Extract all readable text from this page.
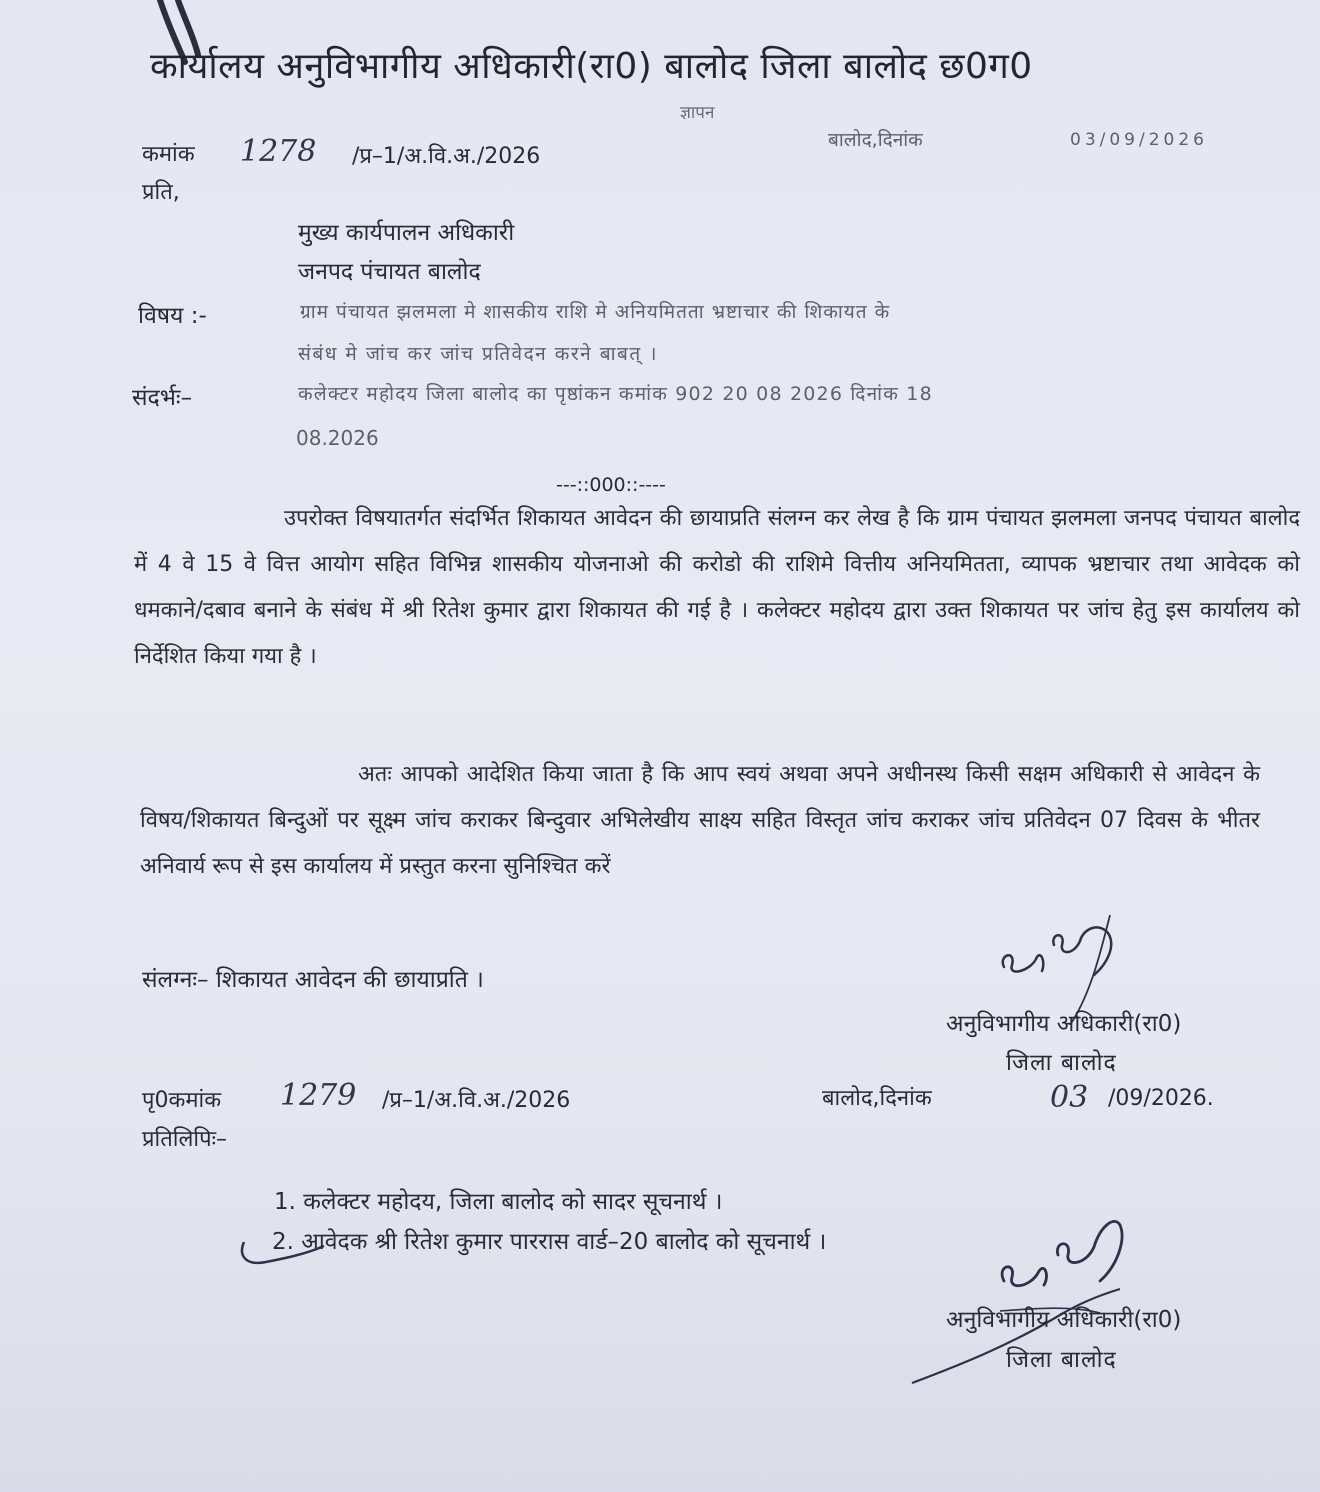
कार्यालय अनुविभागीय अधिकारी(रा0) बालोद जिला बालोद छ0ग0
ज्ञापन
कमांक 1278 /प्र–1/अ.वि.अ./2026
बालोद,दिनांक	03/09/2026
प्रति,
मुख्य कार्यपालन अधिकारी
जनपद पंचायत बालोद
विषय :-	ग्राम पंचायत झलमला मे शासकीय राशि मे अनियमितता भ्रष्टाचार की शिकायत के
संबंध मे जांच कर जांच प्रतिवेदन करने बाबत् ।
संदर्भः–	कलेक्टर महोदय जिला बालोद का पृष्ठांकन कमांक 902 20 08 2026 दिनांक 18
08.2026
---::000::----
उपरोक्त विषयातर्गत संदर्भित शिकायत आवेदन की छायाप्रति संलग्न कर लेख है कि ग्राम पंचायत झलमला जनपद पंचायत बालोद में 4 वे 15 वे वित्त आयोग सहित विभिन्न शासकीय योजनाओ की करोडो की राशिमे वित्तीय अनियमितता, व्यापक भ्रष्टाचार तथा आवेदक को धमकाने/दबाव बनाने के संबंध में श्री रितेश कुमार द्वारा शिकायत की गई है । कलेक्टर महोदय द्वारा उक्त शिकायत पर जांच हेतु इस कार्यालय को निर्देशित किया गया है ।
अतः आपको आदेशित किया जाता है कि आप स्वयं अथवा अपने अधीनस्थ किसी सक्षम अधिकारी से आवेदन के विषय/शिकायत बिन्दुओं पर सूक्ष्म जांच कराकर बिन्दुवार अभिलेखीय साक्ष्य सहित विस्तृत जांच कराकर जांच प्रतिवेदन 07 दिवस के भीतर अनिवार्य रूप से इस कार्यालय में प्रस्तुत करना सुनिश्चित करें
संलग्नः– शिकायत आवेदन की छायाप्रति ।
अनुविभागीय अधिकारी(रा0)
जिला बालोद
पृ0कमांक 1279 /प्र–1/अ.वि.अ./2026	बालोद,दिनांक	03 /09/2026.
प्रतिलिपिः–
1. कलेक्टर महोदय, जिला बालोद को सादर सूचनार्थ ।
2. आवेदक श्री रितेश कुमार पाररास वार्ड–20 बालोद को सूचनार्थ ।
अनुविभागीय अधिकारी(रा0)
जिला बालोद
